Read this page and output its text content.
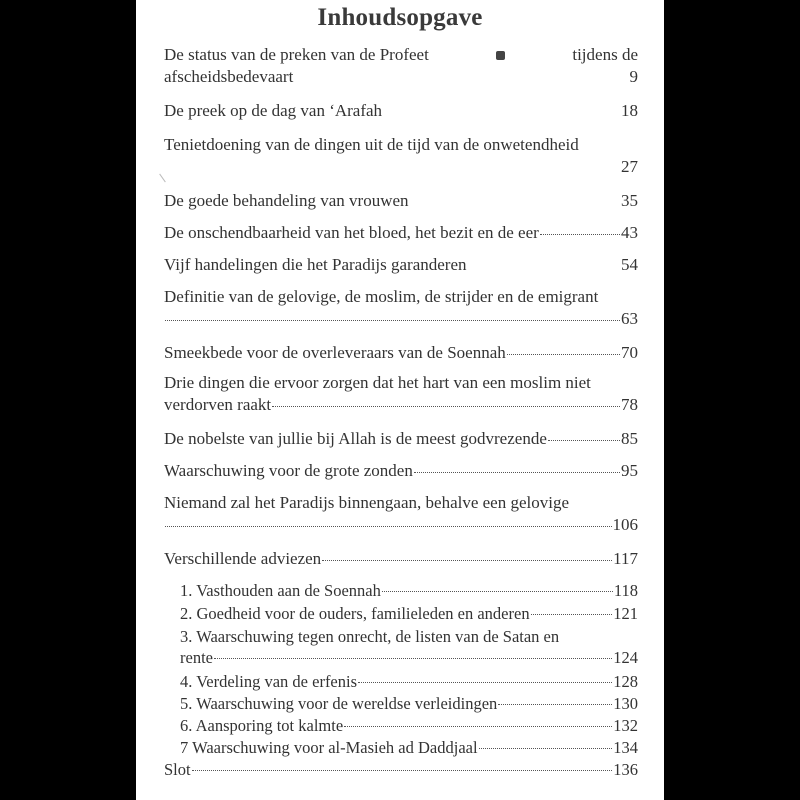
Inhoudsopgave
De status van de preken van de Profeet	tijdens de
afscheidsbedevaart	9
De preek op de dag van ‘Arafah	18
Tenietdoening van de dingen uit de tijd van de onwetendheid
27
De goede behandeling van vrouwen	35
De onschendbaarheid van het bloed, het bezit en de eer	43
Vijf handelingen die het Paradijs garanderen	54
Definitie van de gelovige, de moslim, de strijder en de emigrant
63
Smeekbede voor de overleveraars van de Soennah	70
Drie dingen die ervoor zorgen dat het hart van een moslim niet
verdorven raakt	78
De nobelste van jullie bij Allah is de meest godvrezende	85
Waarschuwing voor de grote zonden	95
Niemand zal het Paradijs binnengaan, behalve een gelovige
106
Verschillende adviezen	117
1. Vasthouden aan de Soennah	118
2. Goedheid voor de ouders, familieleden en anderen	121
3. Waarschuwing tegen onrecht, de listen van de Satan en
rente	124
4. Verdeling van de erfenis	128
5. Waarschuwing voor de wereldse verleidingen	130
6. Aansporing tot kalmte	132
7 Waarschuwing voor al-Masieh ad Daddjaal	134
Slot	136
